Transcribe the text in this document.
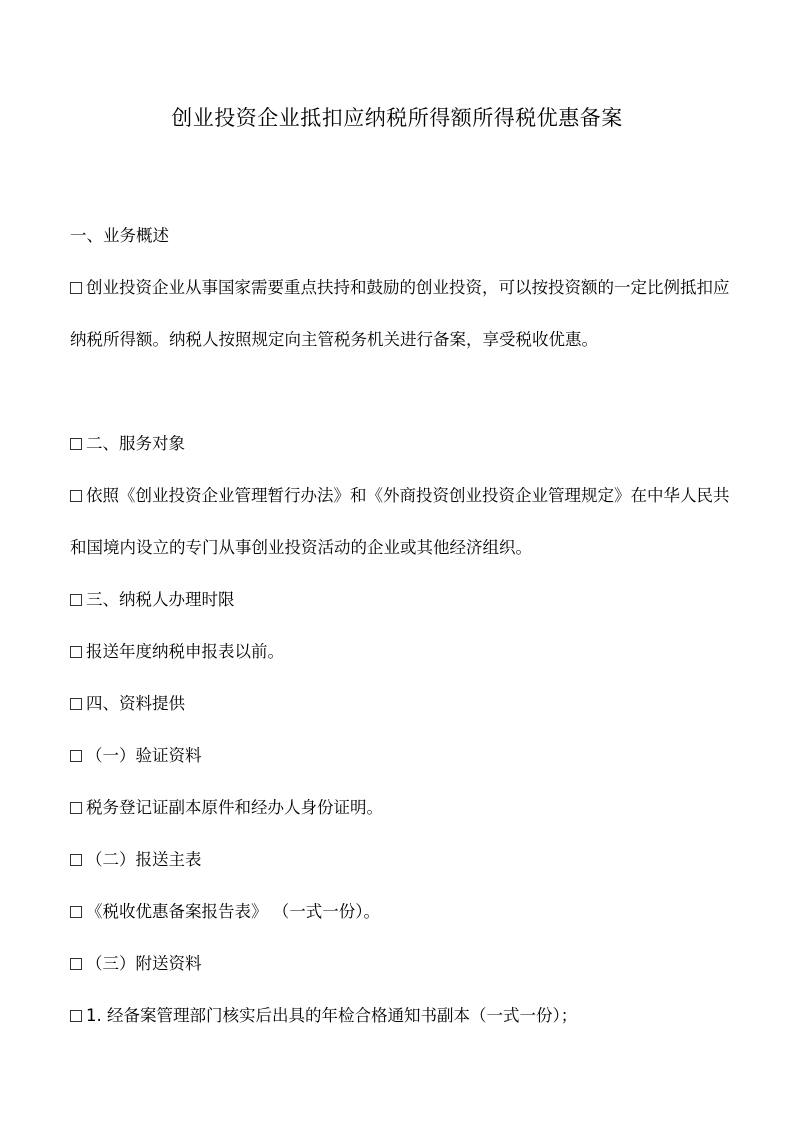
创业投资企业抵扣应纳税所得额所得税优惠备案

一、业务概述

创业投资企业从事国家需要重点扶持和鼓励的创业投资，可以按投资额的一定比例抵扣应纳税所得额。纳税人按照规定向主管税务机关进行备案，享受税收优惠。

二、服务对象

依照《创业投资企业管理暂行办法》和《外商投资创业投资企业管理规定》在中华人民共和国境内设立的专门从事创业投资活动的企业或其他经济组织。

三、纳税人办理时限

报送年度纳税申报表以前。

四、资料提供

（一）验证资料

税务登记证副本原件和经办人身份证明。

（二）报送主表

《税收优惠备案报告表》 （一式一份）。

（三）附送资料

1. 经备案管理部门核实后出具的年检合格通知书副本（一式一份）；
